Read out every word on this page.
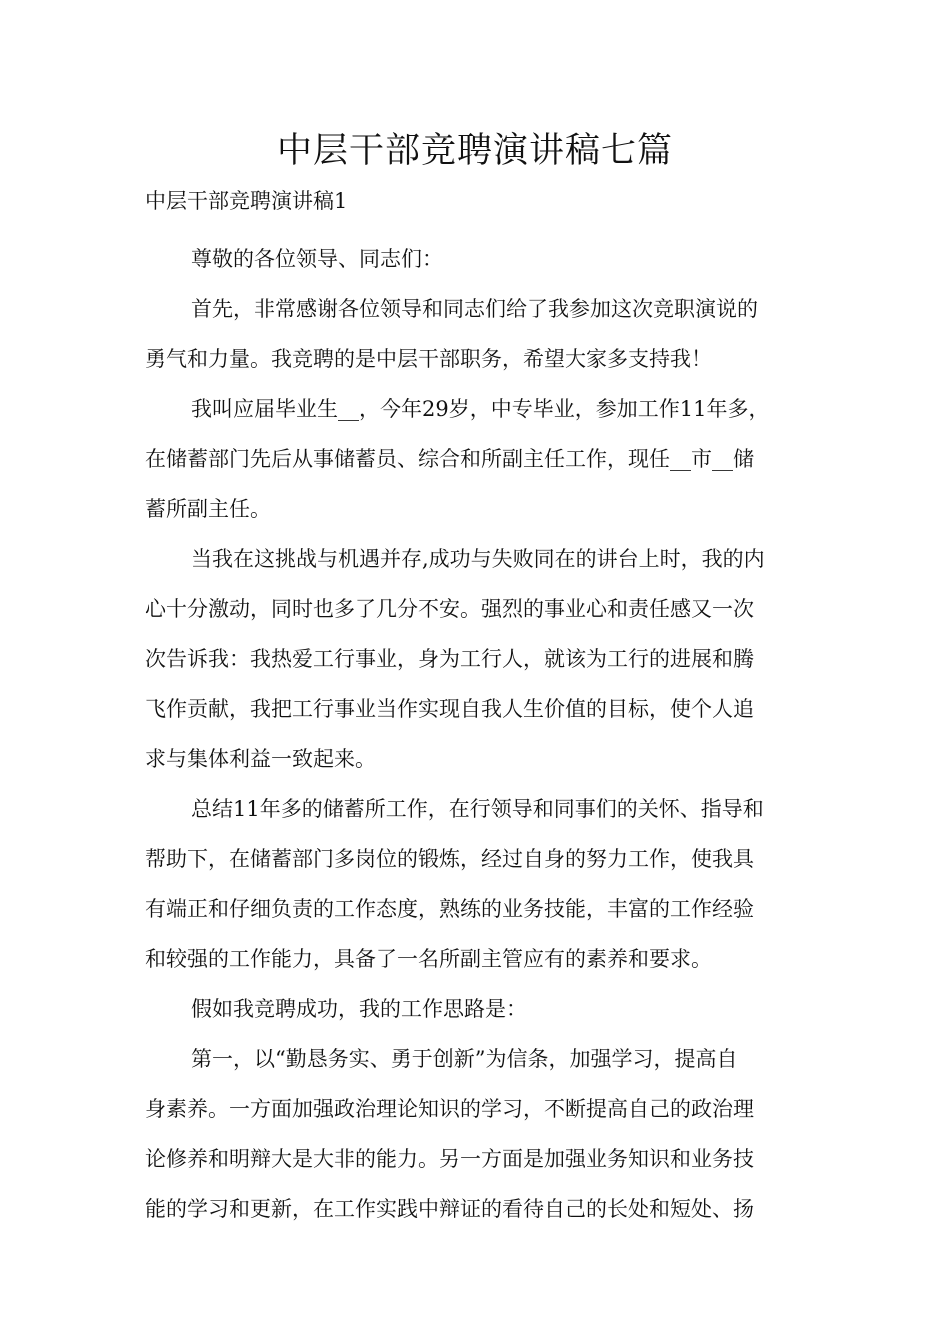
中层干部竞聘演讲稿七篇

中层干部竞聘演讲稿1

尊敬的各位领导、同志们：

首先，非常感谢各位领导和同志们给了我参加这次竞职演说的
勇气和力量。我竞聘的是中层干部职务，希望大家多支持我！

我叫应届毕业生__，今年29岁，中专毕业，参加工作11年多，
在储蓄部门先后从事储蓄员、综合和所副主任工作，现任__市__储
蓄所副主任。

当我在这挑战与机遇并存,成功与失败同在的讲台上时，我的内
心十分激动，同时也多了几分不安。强烈的事业心和责任感又一次
次告诉我：我热爱工行事业，身为工行人，就该为工行的进展和腾
飞作贡献，我把工行事业当作实现自我人生价值的目标，使个人追
求与集体利益一致起来。

总结11年多的储蓄所工作，在行领导和同事们的关怀、指导和
帮助下，在储蓄部门多岗位的锻炼，经过自身的努力工作，使我具
有端正和仔细负责的工作态度，熟练的业务技能，丰富的工作经验
和较强的工作能力，具备了一名所副主管应有的素养和要求。

假如我竞聘成功，我的工作思路是：

第一，以“勤恳务实、勇于创新”为信条，加强学习，提高自
身素养。一方面加强政治理论知识的学习，不断提高自己的政治理
论修养和明辩大是大非的能力。另一方面是加强业务知识和业务技
能的学习和更新，在工作实践中辩证的看待自己的长处和短处、扬
